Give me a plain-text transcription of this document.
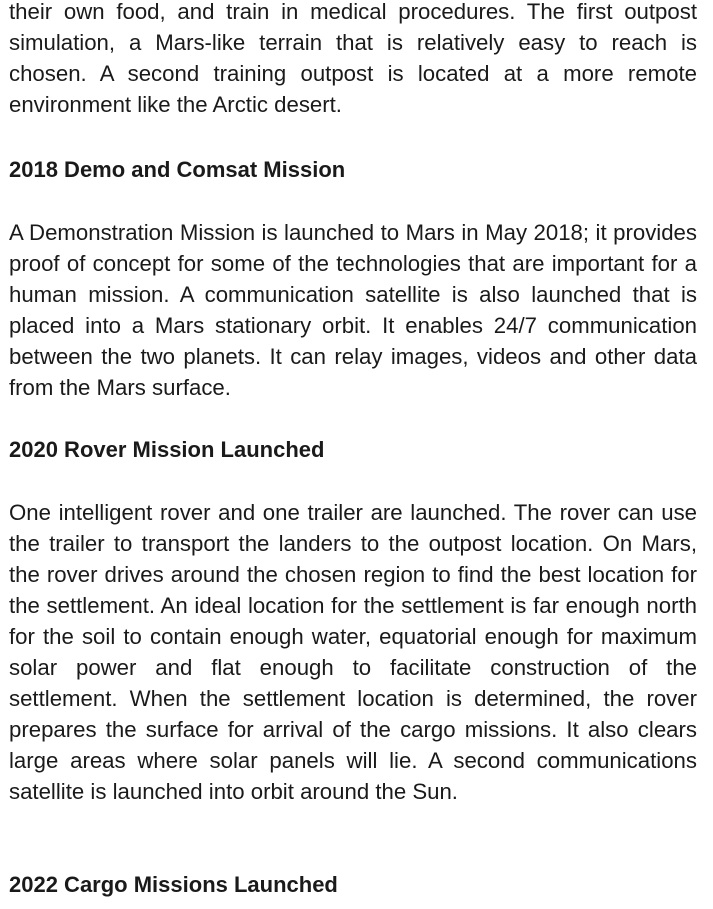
their own food, and train in medical procedures. The first outpost simulation, a Mars-like terrain that is relatively easy to reach is chosen. A second training outpost is located at a more remote environment like the Arctic desert.

2018 Demo and Comsat Mission

A Demonstration Mission is launched to Mars in May 2018; it provides proof of concept for some of the technologies that are important for a human mission. A communication satellite is also launched that is placed into a Mars stationary orbit. It enables 24/7 communication between the two planets. It can relay images, videos and other data from the Mars surface.

2020 Rover Mission Launched

One intelligent rover and one trailer are launched. The rover can use the trailer to transport the landers to the outpost location. On Mars, the rover drives around the chosen region to find the best location for the settlement. An ideal location for the settlement is far enough north for the soil to contain enough water, equatorial enough for maximum solar power and flat enough to facilitate construction of the settlement. When the settlement location is determined, the rover prepares the surface for arrival of the cargo missions. It also clears large areas where solar panels will lie. A second communications satellite is launched into orbit around the Sun.

2022 Cargo Missions Launched
